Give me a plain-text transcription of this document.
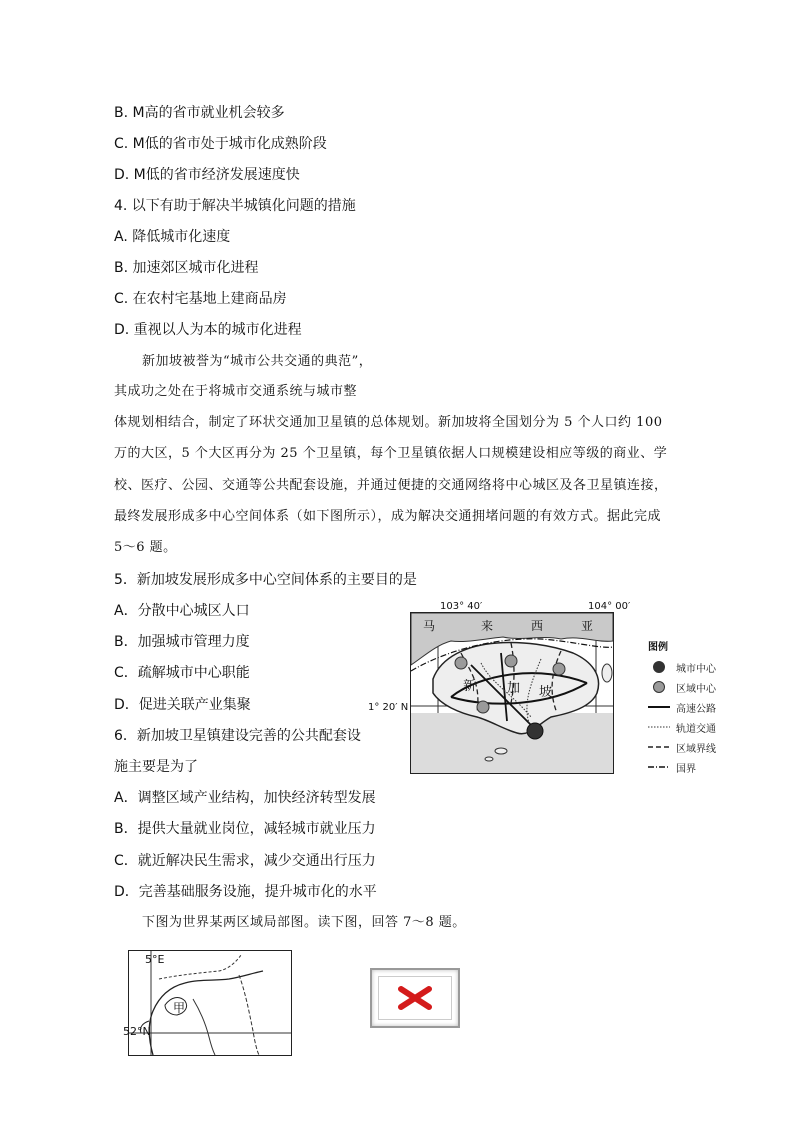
B. M高的省市就业机会较多
C. M低的省市处于城市化成熟阶段
D. M低的省市经济发展速度快
4. 以下有助于解决半城镇化问题的措施
A. 降低城市化速度
B. 加速郊区城市化进程
C. 在农村宅基地上建商品房
D. 重视以人为本的城市化进程
新加坡被誉为“城市公共交通的典范”，
其成功之处在于将城市交通系统与城市整
体规划相结合，制定了环状交通加卫星镇的总体规划。新加坡将全国划分为 5 个人口约 100
万的大区，5 个大区再分为 25 个卫星镇，每个卫星镇依据人口规模建设相应等级的商业、学
校、医疗、公园、交通等公共配套设施，并通过便捷的交通网络将中心城区及各卫星镇连接，
最终发展形成多中心空间体系（如下图所示），成为解决交通拥堵问题的有效方式。据此完成
5～6 题。
5．新加坡发展形成多中心空间体系的主要目的是
A．分散中心城区人口
B．加强城市管理力度
C．疏解城市中心职能
D．促进关联产业集聚
6．新加坡卫星镇建设完善的公共配套设
施主要是为了
A．调整区域产业结构，加快经济转型发展
B．提供大量就业岗位，减轻城市就业压力
C．就近解决民生需求，减少交通出行压力
D．完善基础服务设施，提升城市化的水平
下图为世界某两区域局部图。读下图，回答 7～8 题。
103° 40′	104° 00′
1° 20′ N
马	来	西	亚
新 加 坡
图例
城市中心
区域中心
高速公路
轨道交通
区域界线
国界
5°E
52°N
甲
